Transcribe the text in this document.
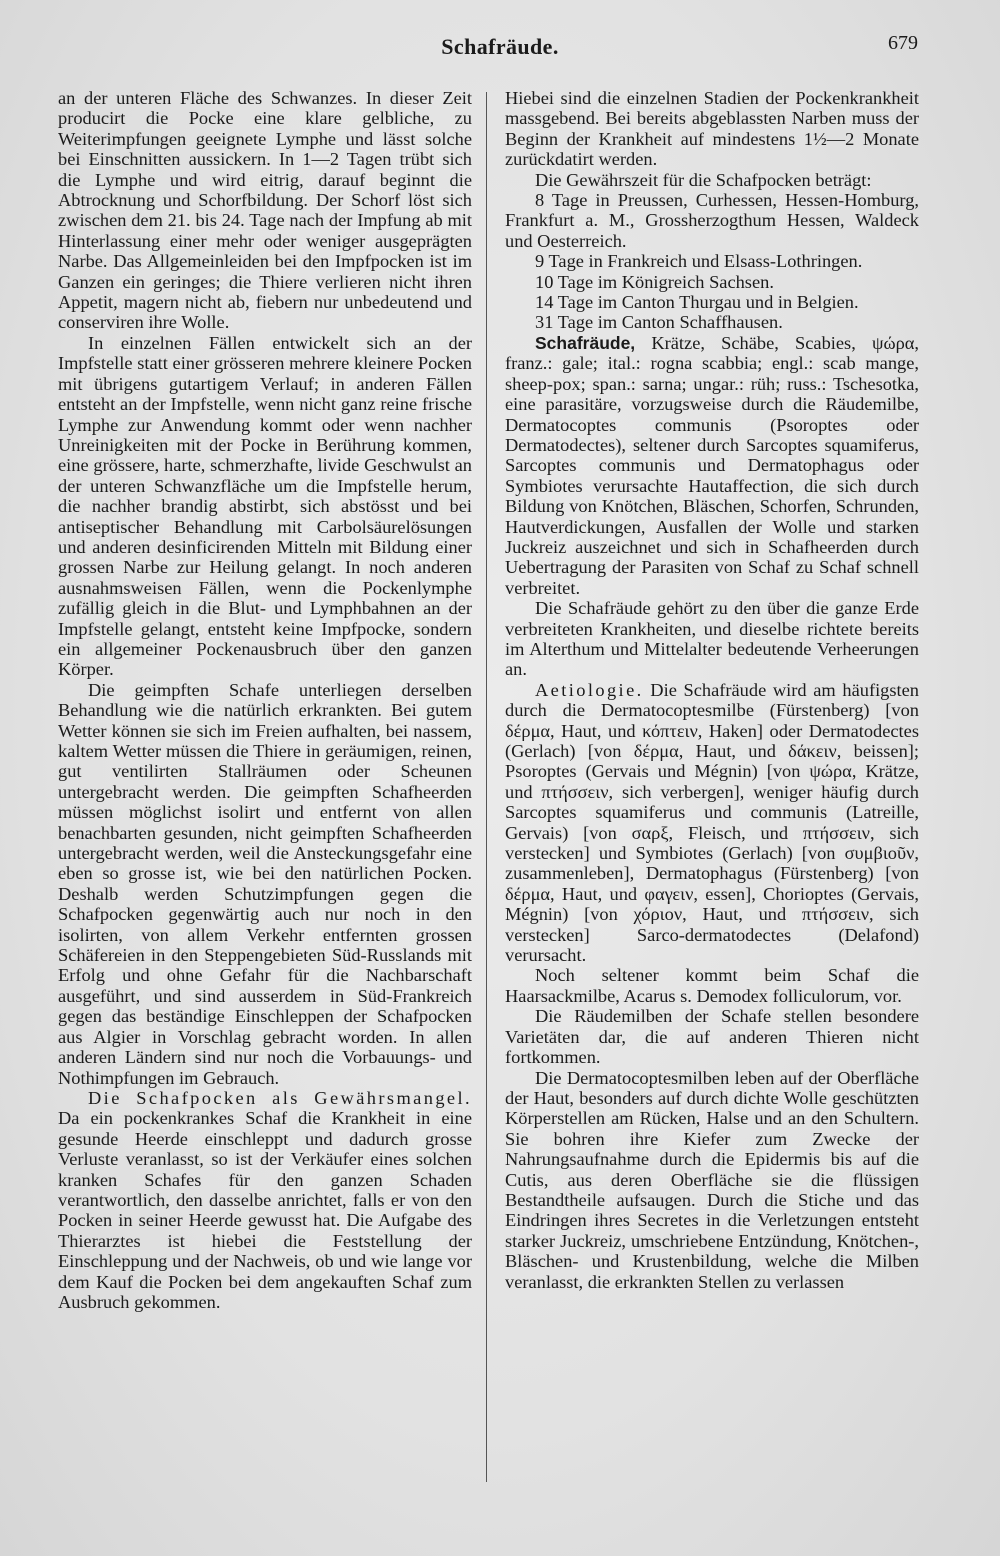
Schafräude.	679

an der unteren Fläche des Schwanzes. In dieser Zeit producirt die Pocke eine klare gelbliche, zu Weiterimpfungen geeignete Lymphe und lässt solche bei Einschnitten aussickern. In 1—2 Tagen trübt sich die Lymphe und wird eitrig, darauf beginnt die Abtrocknung und Schorfbildung. Der Schorf löst sich zwischen dem 21. bis 24. Tage nach der Impfung ab mit Hinterlassung einer mehr oder weniger ausgeprägten Narbe. Das Allgemeinleiden bei den Impfpocken ist im Ganzen ein geringes; die Thiere verlieren nicht ihren Appetit, magern nicht ab, fiebern nur unbedeutend und conserviren ihre Wolle.

In einzelnen Fällen entwickelt sich an der Impfstelle statt einer grösseren mehrere kleinere Pocken mit übrigens gutartigem Verlauf; in anderen Fällen entsteht an der Impfstelle, wenn nicht ganz reine frische Lymphe zur Anwendung kommt oder wenn nachher Unreinigkeiten mit der Pocke in Berührung kommen, eine grössere, harte, schmerzhafte, livide Geschwulst an der unteren Schwanzfläche um die Impfstelle herum, die nachher brandig abstirbt, sich abstösst und bei antiseptischer Behandlung mit Carbolsäurelösungen und anderen desinficirenden Mitteln mit Bildung einer grossen Narbe zur Heilung gelangt. In noch anderen ausnahmsweisen Fällen, wenn die Pockenlymphe zufällig gleich in die Blut- und Lymphbahnen an der Impfstelle gelangt, entsteht keine Impfpocke, sondern ein allgemeiner Pockenausbruch über den ganzen Körper.

Die geimpften Schafe unterliegen derselben Behandlung wie die natürlich erkrankten. Bei gutem Wetter können sie sich im Freien aufhalten, bei nassem, kaltem Wetter müssen die Thiere in geräumigen, reinen, gut ventilirten Stallräumen oder Scheunen untergebracht werden. Die geimpften Schafheerden müssen möglichst isolirt und entfernt von allen benachbarten gesunden, nicht geimpften Schafheerden untergebracht werden, weil die Ansteckungsgefahr eine eben so grosse ist, wie bei den natürlichen Pocken. Deshalb werden Schutzimpfungen gegen die Schafpocken gegenwärtig auch nur noch in den isolirten, von allem Verkehr entfernten grossen Schäfereien in den Steppengebieten Süd-Russlands mit Erfolg und ohne Gefahr für die Nachbarschaft ausgeführt, und sind ausserdem in Süd-Frankreich gegen das beständige Einschleppen der Schafpocken aus Algier in Vorschlag gebracht worden. In allen anderen Ländern sind nur noch die Vorbauungs- und Nothimpfungen im Gebrauch.

Die Schafpocken als Gewährsmangel. Da ein pockenkrankes Schaf die Krankheit in eine gesunde Heerde einschleppt und dadurch grosse Verluste veranlasst, so ist der Verkäufer eines solchen kranken Schafes für den ganzen Schaden verantwortlich, den dasselbe anrichtet, falls er von den Pocken in seiner Heerde gewusst hat. Die Aufgabe des Thierarztes ist hiebei die Feststellung der Einschleppung und der Nachweis, ob und wie lange vor dem Kauf die Pocken bei dem angekauften Schaf zum Ausbruch gekommen.

Hiebei sind die einzelnen Stadien der Pockenkrankheit massgebend. Bei bereits abgeblassten Narben muss der Beginn der Krankheit auf mindestens 1½—2 Monate zurückdatirt werden.

Die Gewährszeit für die Schafpocken beträgt:

8 Tage in Preussen, Curhessen, Hessen-Homburg, Frankfurt a. M., Grossherzogthum Hessen, Waldeck und Oesterreich.

9 Tage in Frankreich und Elsass-Lothringen.

10 Tage im Königreich Sachsen.

14 Tage im Canton Thurgau und in Belgien.

31 Tage im Canton Schaffhausen.

Schafräude, Krätze, Schäbe, Scabies, ψώρα, franz.: gale; ital.: rogna scabbia; engl.: scab mange, sheep-pox; span.: sarna; ungar.: rüh; russ.: Tschesotka, eine parasitäre, vorzugsweise durch die Räudemilbe, Dermatocoptes communis (Psoroptes oder Dermatodectes), seltener durch Sarcoptes squamiferus, Sarcoptes communis und Dermatophagus oder Symbiotes verursachte Hautaffection, die sich durch Bildung von Knötchen, Bläschen, Schorfen, Schrunden, Hautverdickungen, Ausfallen der Wolle und starken Juckreiz auszeichnet und sich in Schafheerden durch Uebertragung der Parasiten von Schaf zu Schaf schnell verbreitet.

Die Schafräude gehört zu den über die ganze Erde verbreiteten Krankheiten, und dieselbe richtete bereits im Alterthum und Mittelalter bedeutende Verheerungen an.

Aetiologie. Die Schafräude wird am häufigsten durch die Dermatocoptesmilbe (Fürstenberg) [von δέρμα, Haut, und κόπτειν, Haken] oder Dermatodectes (Gerlach) [von δέρμα, Haut, und δάκειν, beissen]; Psoroptes (Gervais und Mégnin) [von ψώρα, Krätze, und πτήσσειν, sich verbergen], weniger häufig durch Sarcoptes squamiferus und communis (Latreille, Gervais) [von σαρξ, Fleisch, und πτήσσειν, sich verstecken] und Symbiotes (Gerlach) [von συμβιοῦν, zusammenleben], Dermatophagus (Fürstenberg) [von δέρμα, Haut, und φαγειν, essen], Chorioptes (Gervais, Mégnin) [von χόριον, Haut, und πτήσσειν, sich verstecken] Sarco-dermatodectes (Delafond) verursacht.

Noch seltener kommt beim Schaf die Haarsackmilbe, Acarus s. Demodex folliculorum, vor.

Die Räudemilben der Schafe stellen besondere Varietäten dar, die auf anderen Thieren nicht fortkommen.

Die Dermatocoptesmilben leben auf der Oberfläche der Haut, besonders auf durch dichte Wolle geschützten Körperstellen am Rücken, Halse und an den Schultern. Sie bohren ihre Kiefer zum Zwecke der Nahrungsaufnahme durch die Epidermis bis auf die Cutis, aus deren Oberfläche sie die flüssigen Bestandtheile aufsaugen. Durch die Stiche und das Eindringen ihres Secretes in die Verletzungen entsteht starker Juckreiz, umschriebene Entzündung, Knötchen-, Bläschen- und Krustenbildung, welche die Milben veranlasst, die erkrankten Stellen zu verlassen
